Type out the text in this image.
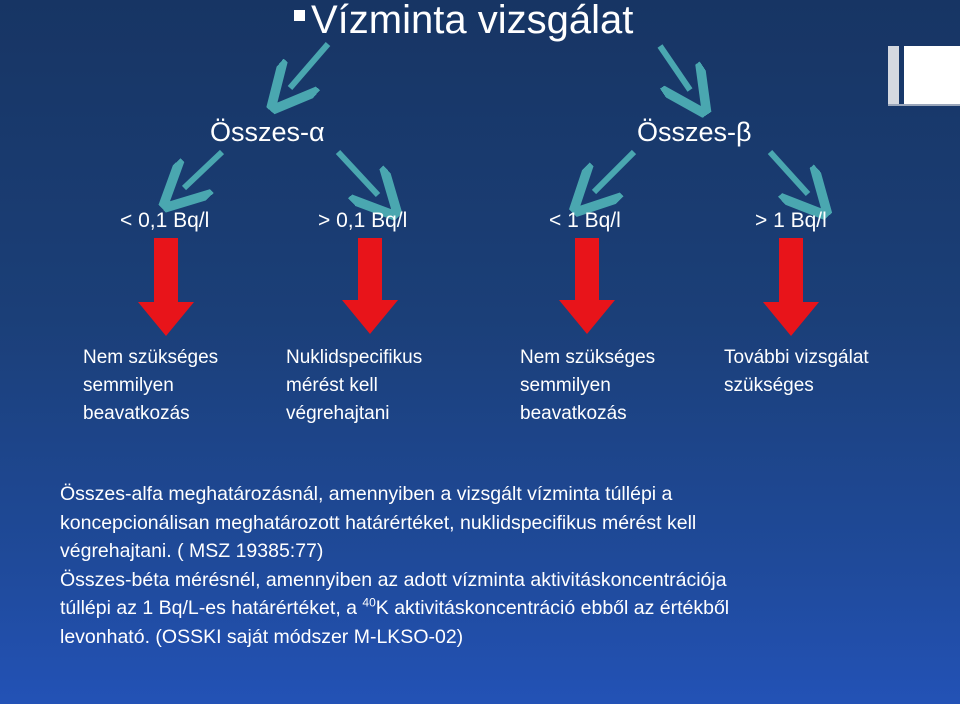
Vízminta vizsgálat
Összes-α	Összes-β
< 0,1 Bq/l	> 0,1 Bq/l	< 1 Bq/l	> 1 Bq/l
Nem szükséges
semmilyen
beavatkozás
Nuklidspecifikus
mérést kell
végrehajtani
Nem szükséges
semmilyen
beavatkozás
További vizsgálat
szükséges
Összes-alfa meghatározásnál, amennyiben a vizsgált vízminta túllépi a
koncepcionálisan meghatározott határértéket, nuklidspecifikus mérést kell
végrehajtani. ( MSZ 19385:77)
Összes-béta mérésnél, amennyiben az adott vízminta aktivitáskoncentrációja
túllépi az 1 Bq/L-es határértéket, a $^{40}$K aktivitáskoncentráció ebből az értékből
levonható. (OSSKI saját módszer M-LKSO-02)
